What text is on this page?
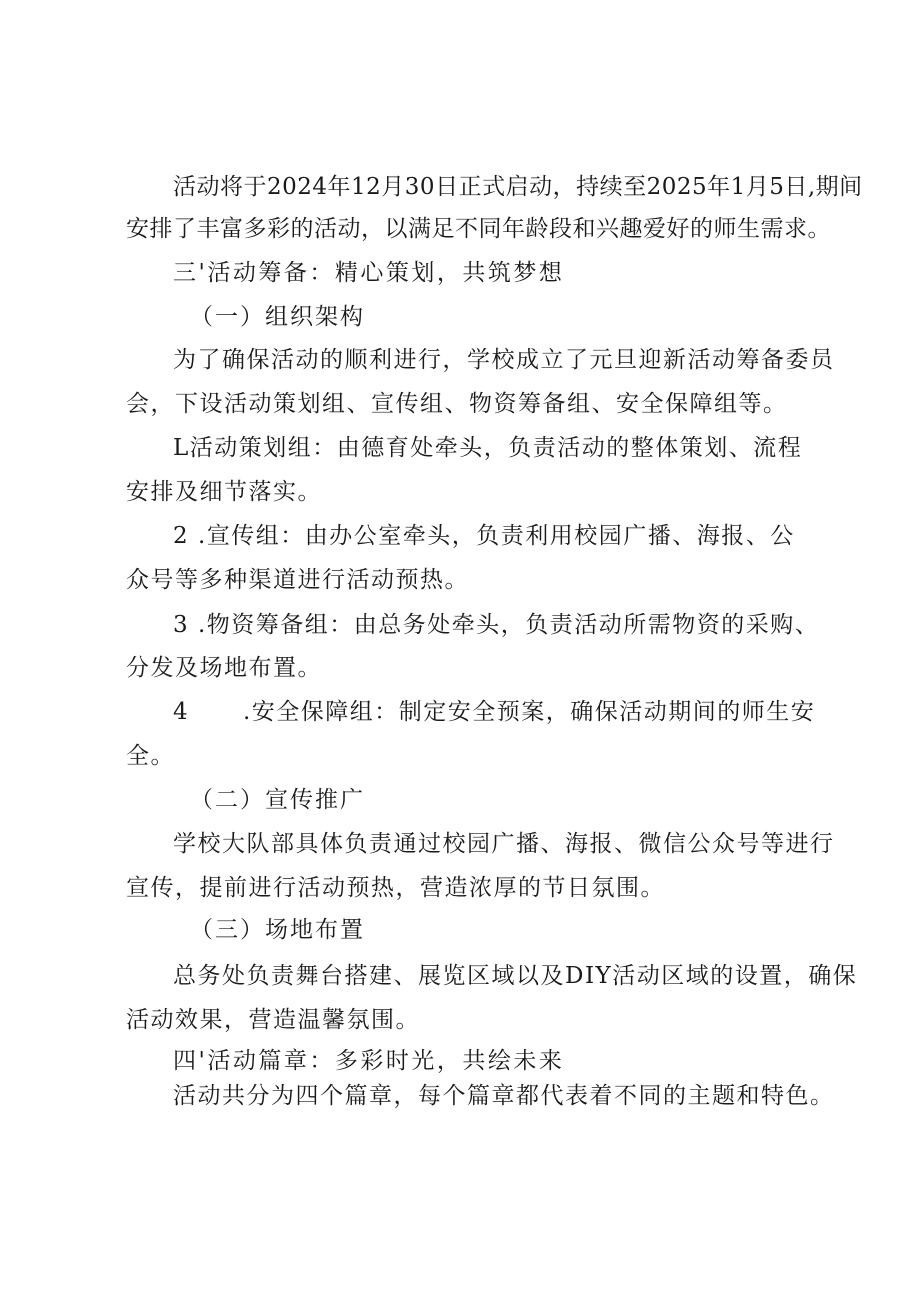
活动将于2024年12月30日正式启动，持续至2025年1月5日,期间
安排了丰富多彩的活动，以满足不同年龄段和兴趣爱好的师生需求。
三'活动筹备：精心策划，共筑梦想
（一）组织架构
为了确保活动的顺利进行，学校成立了元旦迎新活动筹备委员
会，下设活动策划组、宣传组、物资筹备组、安全保障组等。
L活动策划组：由德育处牵头，负责活动的整体策划、流程
安排及细节落实。
2 .宣传组：由办公室牵头，负责利用校园广播、海报、公
众号等多种渠道进行活动预热。
3 .物资筹备组：由总务处牵头，负责活动所需物资的采购、
分发及场地布置。
4 .安全保障组：制定安全预案，确保活动期间的师生安
全。
（二）宣传推广
学校大队部具体负责通过校园广播、海报、微信公众号等进行
宣传，提前进行活动预热，营造浓厚的节日氛围。
（三）场地布置
总务处负责舞台搭建、展览区域以及DIY活动区域的设置，确保
活动效果，营造温馨氛围。
四'活动篇章：多彩时光，共绘未来
活动共分为四个篇章，每个篇章都代表着不同的主题和特色。
